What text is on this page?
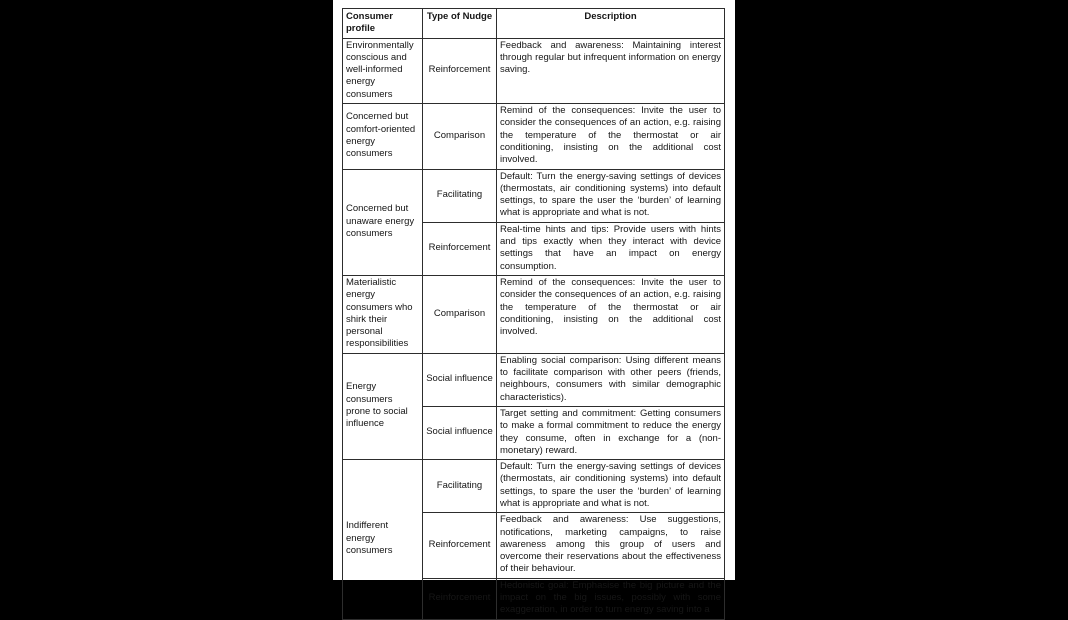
Consumer profile	Type of Nudge	Description
Environmentally conscious and well-informed energy consumers	Reinforcement	Feedback and awareness: Maintaining interest through regular but infrequent information on energy saving.
Concerned but comfort-oriented energy consumers	Comparison	Remind of the consequences: Invite the user to consider the consequences of an action, e.g. raising the temperature of the thermostat or air conditioning, insisting on the additional cost involved.
Concerned but unaware energy consumers	Facilitating	Default: Turn the energy-saving settings of devices (thermostats, air conditioning systems) into default settings, to spare the user the ‘burden’ of learning what is appropriate and what is not.
	Reinforcement	Real-time hints and tips: Provide users with hints and tips exactly when they interact with device settings that have an impact on energy consumption.
Materialistic energy consumers who shirk their personal responsibilities	Comparison	Remind of the consequences: Invite the user to consider the consequences of an action, e.g. raising the temperature of the thermostat or air conditioning, insisting on the additional cost involved.
Energy consumers prone to social influence	Social influence	Enabling social comparison: Using different means to facilitate comparison with other peers (friends, neighbours, consumers with similar demographic characteristics).
	Social influence	Target setting and commitment: Getting consumers to make a formal commitment to reduce the energy they consume, often in exchange for a (non-monetary) reward.
Indifferent energy consumers	Facilitating	Default: Turn the energy-saving settings of devices (thermostats, air conditioning systems) into default settings, to spare the user the ‘burden’ of learning what is appropriate and what is not.
	Reinforcement	Feedback and awareness: Use suggestions, notifications, marketing campaigns, to raise awareness among this group of users and overcome their reservations about the effectiveness of their behaviour.
	Reinforcement	Hedonistic goal: Emphasise the big picture and the impact on the big issues, possibly with some exaggeration, in order to turn energy saving into a
